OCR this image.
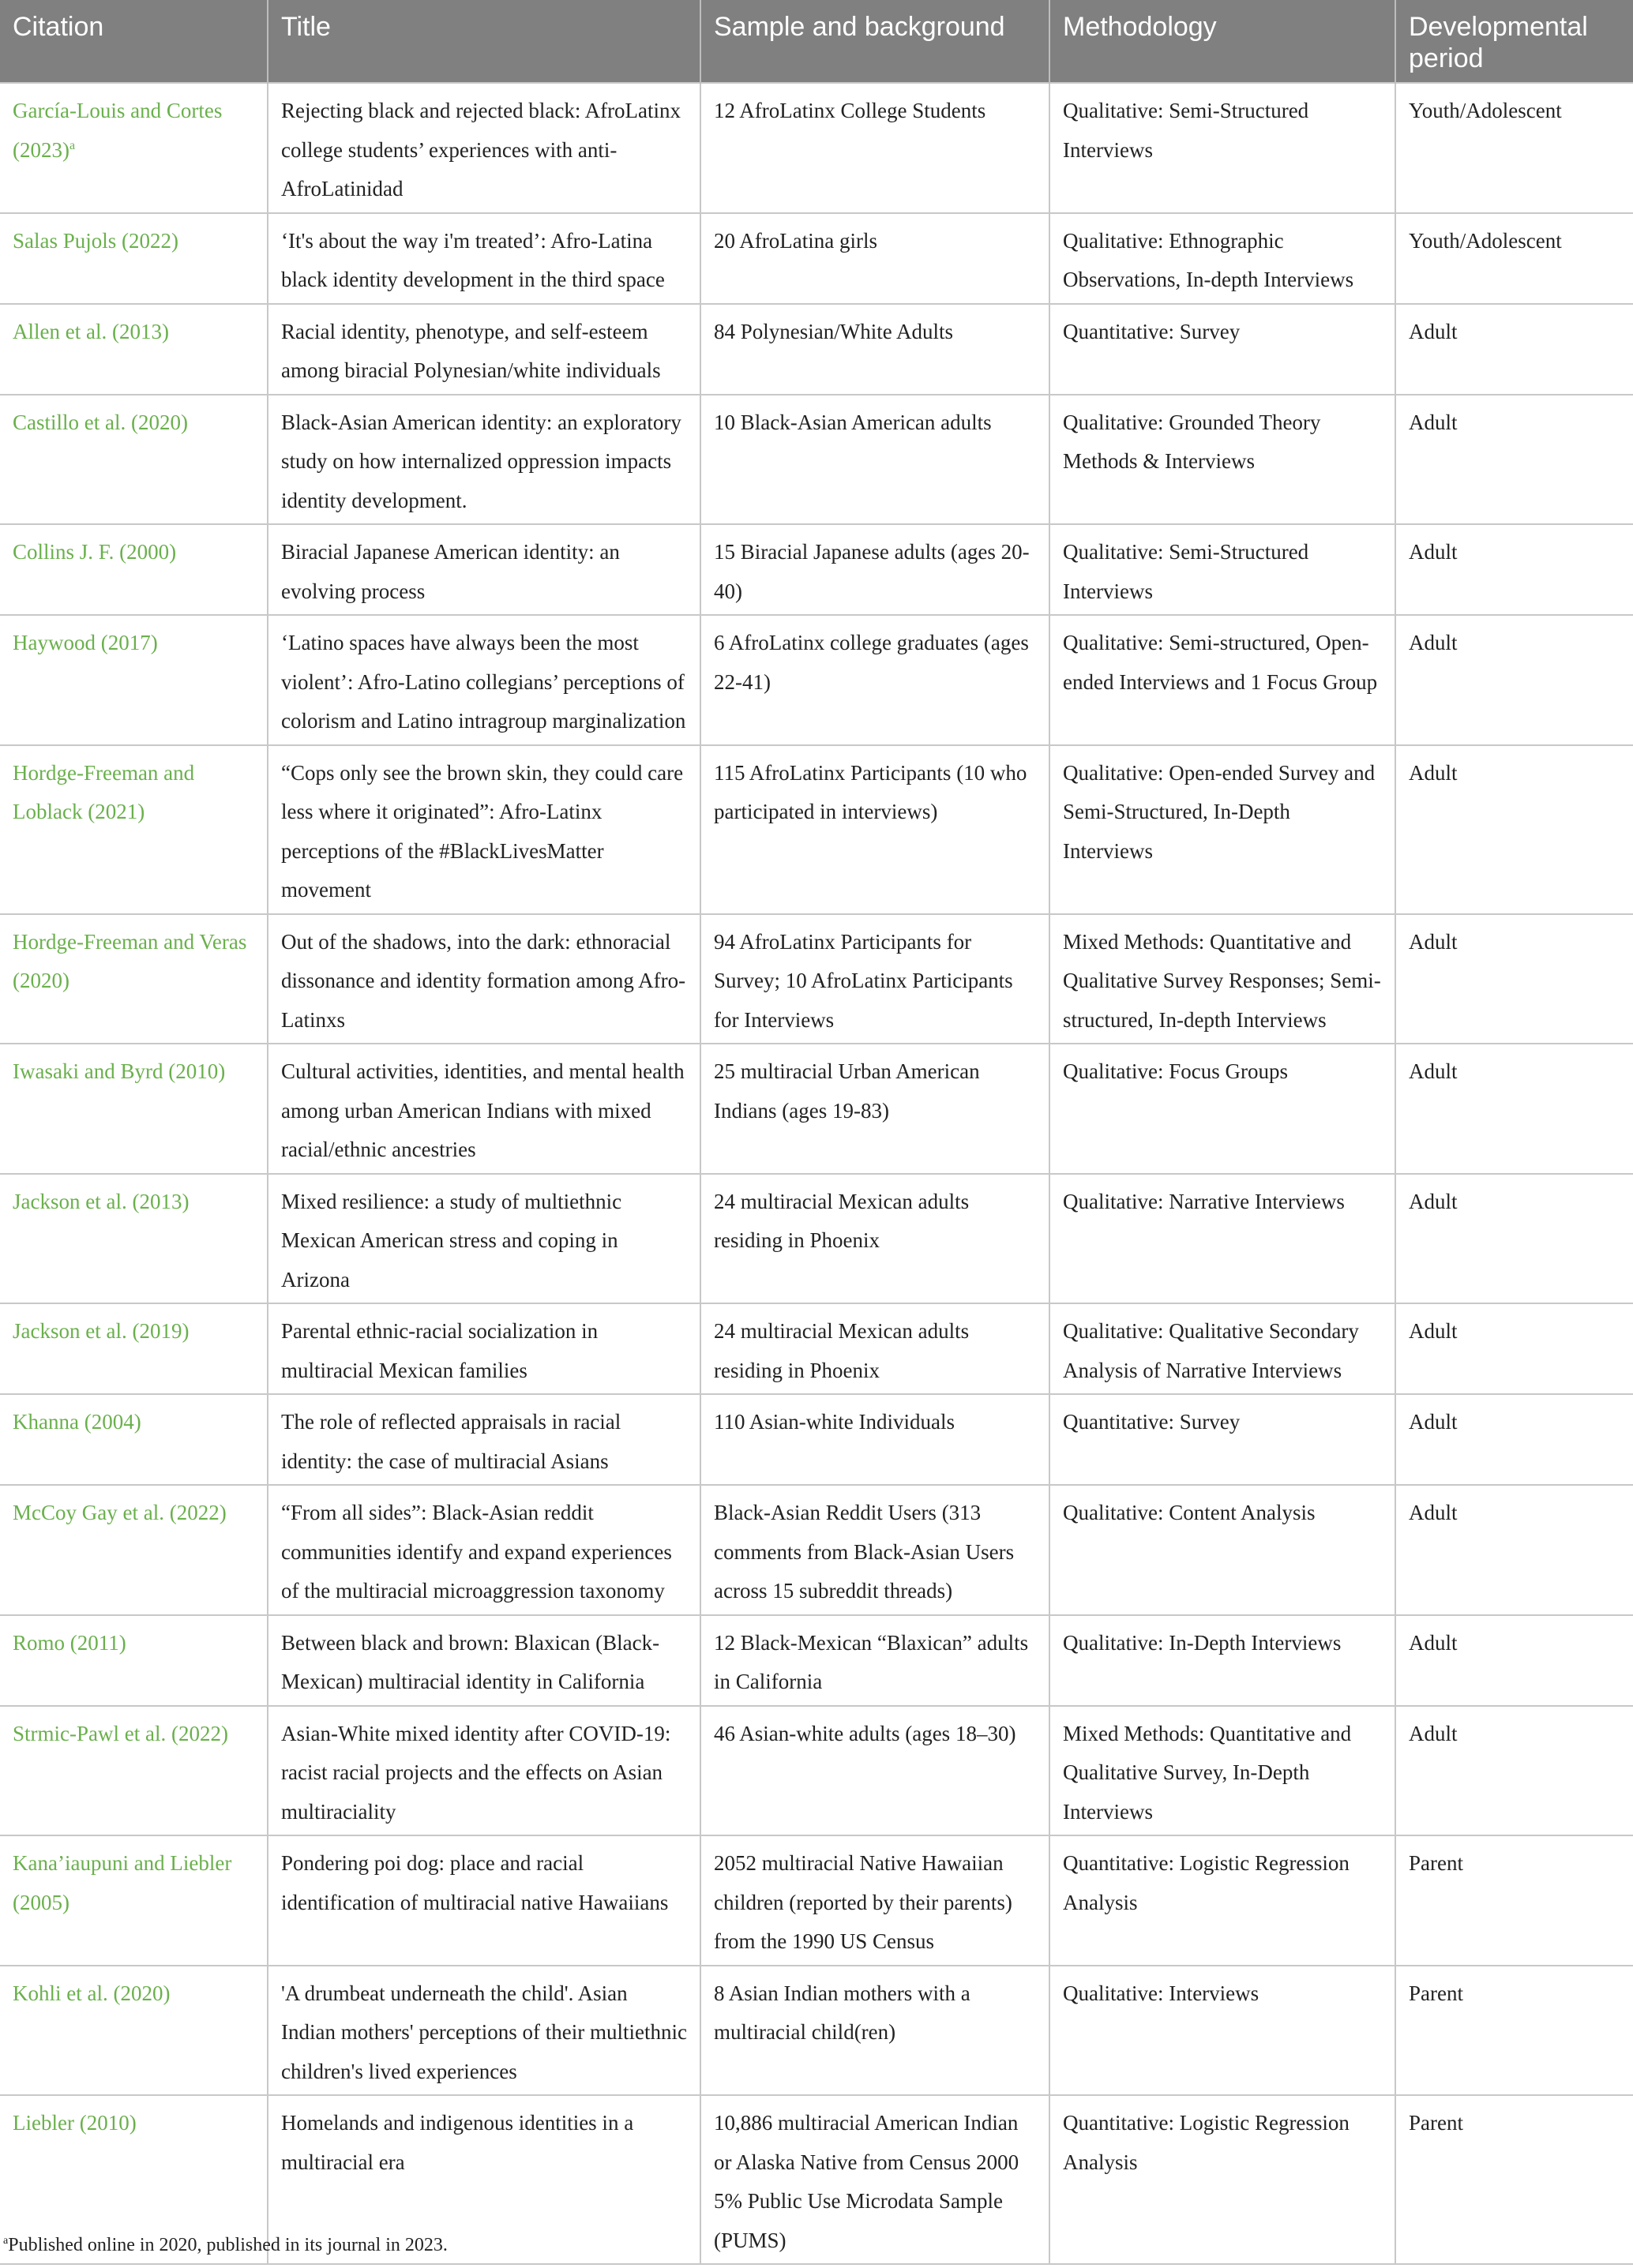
Citation	Title	Sample and background	Methodology	Developmental period
García-Louis and Cortes (2023)$^a$	Rejecting black and rejected black: AfroLatinx college students’ experiences with anti-AfroLatinidad	12 AfroLatinx College Students	Qualitative: Semi-Structured Interviews	Youth/Adolescent
Salas Pujols (2022)	‘It's about the way i'm treated’: Afro-Latina black identity development in the third space	20 AfroLatina girls	Qualitative: Ethnographic Observations, In-depth Interviews	Youth/Adolescent
Allen et al. (2013)	Racial identity, phenotype, and self-esteem among biracial Polynesian/white individuals	84 Polynesian/White Adults	Quantitative: Survey	Adult
Castillo et al. (2020)	Black-Asian American identity: an exploratory study on how internalized oppression impacts identity development.	10 Black-Asian American adults	Qualitative: Grounded Theory Methods & Interviews	Adult
Collins J. F. (2000)	Biracial Japanese American identity: an evolving process	15 Biracial Japanese adults (ages 20-40)	Qualitative: Semi-Structured Interviews	Adult
Haywood (2017)	‘Latino spaces have always been the most violent’: Afro-Latino collegians’ perceptions of colorism and Latino intragroup marginalization	6 AfroLatinx college graduates (ages 22-41)	Qualitative: Semi-structured, Open-ended Interviews and 1 Focus Group	Adult
Hordge-Freeman and Loblack (2021)	“Cops only see the brown skin, they could care less where it originated”: Afro-Latinx perceptions of the #BlackLivesMatter movement	115 AfroLatinx Participants (10 who participated in interviews)	Qualitative: Open-ended Survey and Semi-Structured, In-Depth Interviews	Adult
Hordge-Freeman and Veras (2020)	Out of the shadows, into the dark: ethnoracial dissonance and identity formation among Afro-Latinxs	94 AfroLatinx Participants for Survey; 10 AfroLatinx Participants for Interviews	Mixed Methods: Quantitative and Qualitative Survey Responses; Semi-structured, In-depth Interviews	Adult
Iwasaki and Byrd (2010)	Cultural activities, identities, and mental health among urban American Indians with mixed racial/ethnic ancestries	25 multiracial Urban American Indians (ages 19-83)	Qualitative: Focus Groups	Adult
Jackson et al. (2013)	Mixed resilience: a study of multiethnic Mexican American stress and coping in Arizona	24 multiracial Mexican adults residing in Phoenix	Qualitative: Narrative Interviews	Adult
Jackson et al. (2019)	Parental ethnic-racial socialization in multiracial Mexican families	24 multiracial Mexican adults residing in Phoenix	Qualitative: Qualitative Secondary Analysis of Narrative Interviews	Adult
Khanna (2004)	The role of reflected appraisals in racial identity: the case of multiracial Asians	110 Asian-white Individuals	Quantitative: Survey	Adult
McCoy Gay et al. (2022)	“From all sides”: Black-Asian reddit communities identify and expand experiences of the multiracial microaggression taxonomy	Black-Asian Reddit Users (313 comments from Black-Asian Users across 15 subreddit threads)	Qualitative: Content Analysis	Adult
Romo (2011)	Between black and brown: Blaxican (Black-Mexican) multiracial identity in California	12 Black-Mexican “Blaxican” adults in California	Qualitative: In-Depth Interviews	Adult
Strmic-Pawl et al. (2022)	Asian-White mixed identity after COVID-19: racist racial projects and the effects on Asian multiraciality	46 Asian-white adults (ages 18–30)	Mixed Methods: Quantitative and Qualitative Survey, In-Depth Interviews	Adult
Kana’iaupuni and Liebler (2005)	Pondering poi dog: place and racial identification of multiracial native Hawaiians	2052 multiracial Native Hawaiian children (reported by their parents) from the 1990 US Census	Quantitative: Logistic Regression Analysis	Parent
Kohli et al. (2020)	'A drumbeat underneath the child'. Asian Indian mothers' perceptions of their multiethnic children's lived experiences	8 Asian Indian mothers with a multiracial child(ren)	Qualitative: Interviews	Parent
Liebler (2010)	Homelands and indigenous identities in a multiracial era	10,886 multiracial American Indian or Alaska Native from Census 2000 5% Public Use Microdata Sample (PUMS)	Quantitative: Logistic Regression Analysis	Parent
$^a$Published online in 2020, published in its journal in 2023.
